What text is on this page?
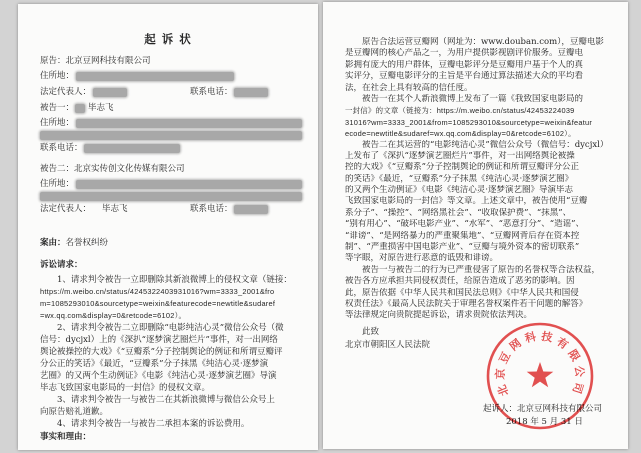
起 诉 状
原告：北京豆网科技有限公司
住所地：
法定代表人：	联系电话：
被告一： 毕志飞
住所地：
联系电话：
被告二：北京实传创文化传媒有限公司
住所地：
法定代表人： 毕志飞	联系电话：
案由：名誉权纠纷
诉讼请求：
1、请求判令被告一立即删除其新浪微博上的侵权文章（链接：
https://m.weibo.cn/status/4245322403931016?wm=3333_2001&fro
m=1085293010&sourcetype=weixin&featurecode=newtitle&sudaref
=wx.qq.com&display=0&retcode=6102）。
2、请求判令被告二立即删除“电影纯洁心灵”微信公众号（微
信号：dycjxl）上的《深扒“逐梦演艺圈烂片”事件，对一出网络
舆论被操控的大戏》《“豆瓣系”分子控制舆论的例证和所谓豆瓣评
分公正的笑话》《最近，“豆瓣系”分子抹黑《纯洁心灵·逐梦演
艺圈》的又两个生动例证》《电影《纯洁心灵·逐梦演艺圈》导演
毕志飞致国家电影局的一封信》的侵权文章。
3、请求判令被告一与被告二在其新浪微博与微信公众号上
向原告赔礼道歉。
4、请求判令被告一与被告二承担本案的诉讼费用。
事实和理由：
原告合法运营豆瓣网（网址为：www.douban.com），豆瓣电影
是豆瓣网的核心产品之一，为用户提供影视剧评价服务。豆瓣电
影拥有庞大的用户群体，豆瓣电影评分是豆瓣用户基于个人的真
实评分，豆瓣电影评分的主旨是平台通过算法描述大众的平均看
法，在社会上具有较高的信任度。
被告一在其个人新浪微博上发布了一篇《我致国家电影局的
一封信》的文章（链接为：https://m.weibo.cn/status/42453224039
31016?wm=3333_2001&from=1085293010&sourcetype=weixin&featur
ecode=newtitle&sudaref=wx.qq.com&display=0&retcode=6102）。
被告二在其运营的“电影纯洁心灵”微信公众号（微信号：dycjxl）
上发布了《深扒“逐梦演艺圈烂片”事件，对一出网络舆论被操
控的大戏》《“豆瓣系”分子控制舆论的例证和所谓豆瓣评分公正
的笑话》《最近，“豆瓣系”分子抹黑《纯洁心灵·逐梦演艺圈》
的又两个生动例证》《电影《纯洁心灵·逐梦演艺圈》导演毕志
飞致国家电影局的一封信》等文章。上述文章中，被告使用“豆瓣
系分子”、“操控”、“网络黑社会”、“收取保护费”、“抹黑”、
“别有用心”、“破坏电影产业”、“水军”、“恶意打分”、“造谣”、
“诽谤”、“是网络暴力的严重聚集地”、“豆瓣网背后存在资本控
制”、“严重损害中国电影产业”、“豆瓣与境外资本的密切联系”
等字眼，对原告进行恶意的诋毁和诽谤。
被告一与被告二的行为已严重侵害了原告的名誉权等合法权益，
被告各方应承担共同侵权责任，给原告造成了恶劣的影响。因
此，原告依据《中华人民共和国民法总则》《中华人民共和国侵
权责任法》《最高人民法院关于审理名誉权案件若干问题的解答》
等法律规定向贵院提起诉讼，请求贵院依法判决。
此致
北京市朝阳区人民法院
起诉人：北京豆网科技有限公司
2018 年 5 月 31 日
北京豆网科技有限公司
